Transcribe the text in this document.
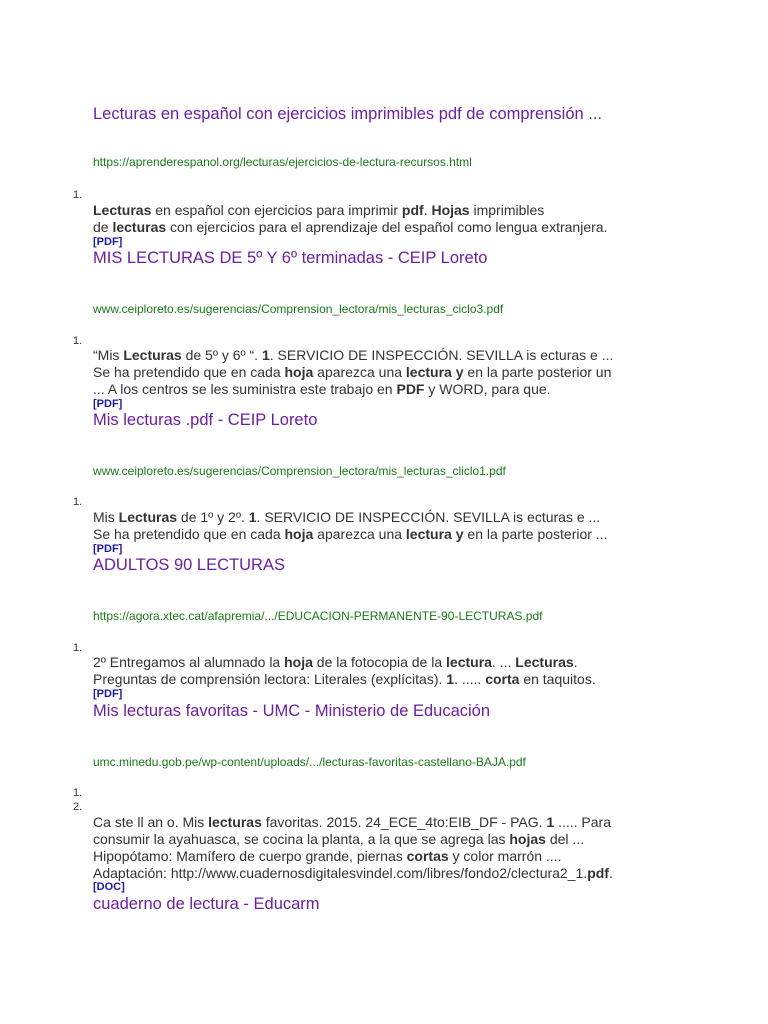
Lecturas en español con ejercicios imprimibles pdf de comprensión ...
https://aprenderespanol.org/lecturas/ejercicios-de-lectura-recursos.html
1.
Lecturas en español con ejercicios para imprimir pdf. Hojas imprimibles
de lecturas con ejercicios para el aprendizaje del español como lengua extranjera.
[PDF]
MIS LECTURAS DE 5º Y 6º terminadas - CEIP Loreto
www.ceiploreto.es/sugerencias/Comprension_lectora/mis_lecturas_ciclo3.pdf
1.
“Mis Lecturas de 5º y 6º “. 1. SERVICIO DE INSPECCIÓN. SEVILLA is ecturas e ...
Se ha pretendido que en cada hoja aparezca una lectura y en la parte posterior un
... A los centros se les suministra este trabajo en PDF y WORD, para que.
[PDF]
Mis lecturas .pdf - CEIP Loreto
www.ceiploreto.es/sugerencias/Comprension_lectora/mis_lecturas_cliclo1.pdf
1.
Mis Lecturas de 1º y 2º. 1. SERVICIO DE INSPECCIÓN. SEVILLA is ecturas e ...
Se ha pretendido que en cada hoja aparezca una lectura y en la parte posterior ...
[PDF]
ADULTOS 90 LECTURAS
https://agora.xtec.cat/afapremia/.../EDUCACION-PERMANENTE-90-LECTURAS.pdf
1.
2º Entregamos al alumnado la hoja de la fotocopia de la lectura. ... Lecturas.
Preguntas de comprensión lectora: Literales (explícitas). 1. ..... corta en taquitos.
[PDF]
Mis lecturas favoritas - UMC - Ministerio de Educación
umc.minedu.gob.pe/wp-content/uploads/.../lecturas-favoritas-castellano-BAJA.pdf
1.
2.
Ca ste ll an o. Mis lecturas favoritas. 2015. 24_ECE_4to:EIB_DF - PAG. 1 ..... Para
consumir la ayahuasca, se cocina la planta, a la que se agrega las hojas del ...
Hipopótamo: Mamífero de cuerpo grande, piernas cortas y color marrón ....
Adaptación: http://www.cuadernosdigitalesvindel.com/libres/fondo2/clectura2_1.pdf.
[DOC]
cuaderno de lectura - Educarm
